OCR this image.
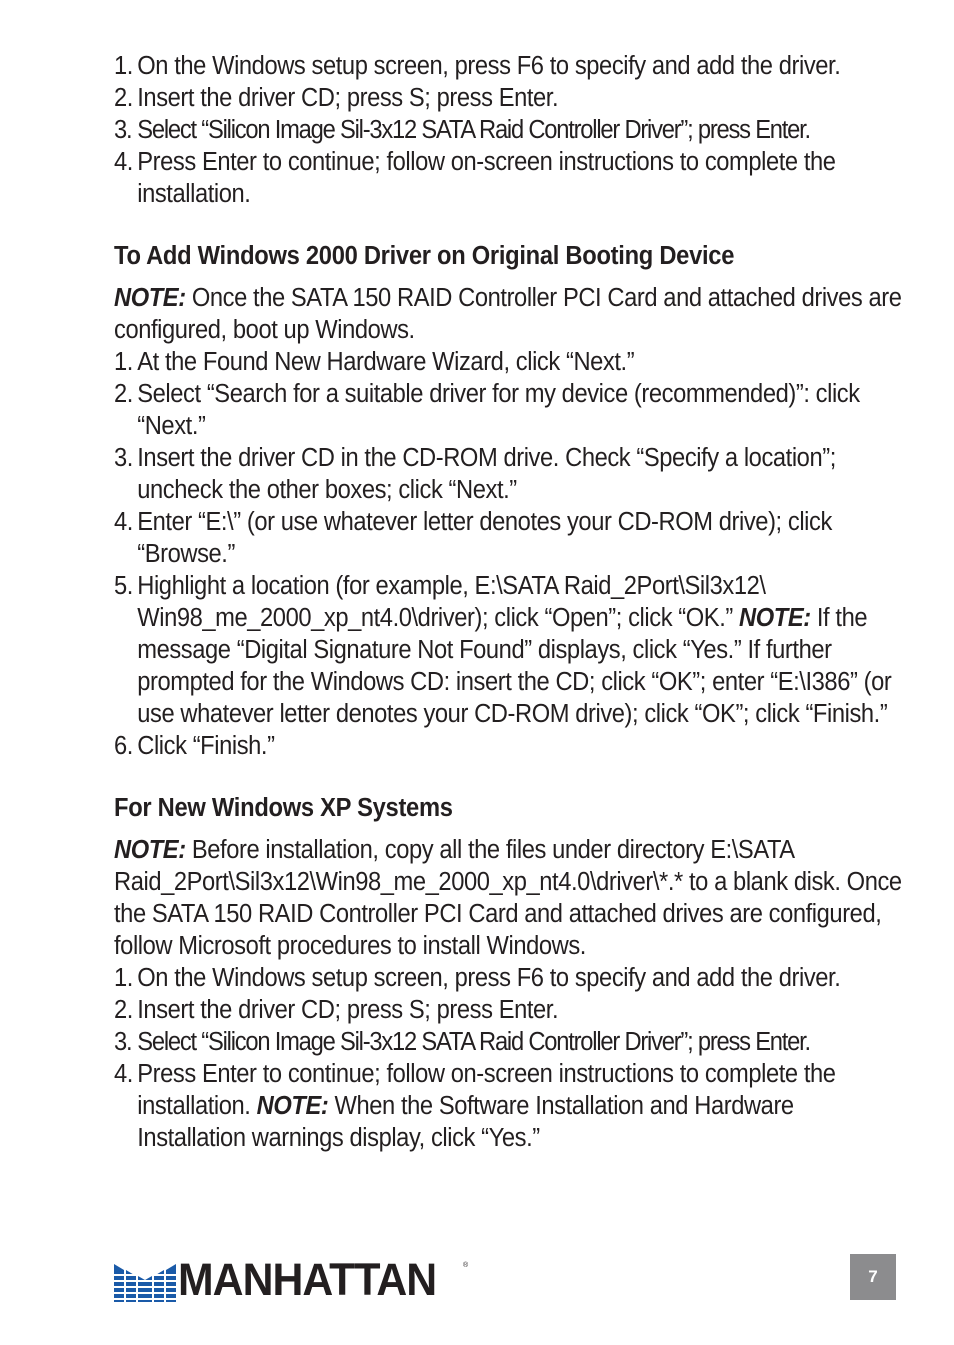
1. On the Windows setup screen, press F6 to specify and add the driver.
2. Insert the driver CD; press S; press Enter.
3. Select “Silicon Image Sil-3x12 SATA Raid Controller Driver”; press Enter.
4. Press Enter to continue; follow on-screen instructions to complete the installation.
To Add Windows 2000 Driver on Original Booting Device

NOTE: Once the SATA 150 RAID Controller PCI Card and attached drives are configured, boot up Windows.

1. At the Found New Hardware Wizard, click “Next.”
2. Select “Search for a suitable driver for my device (recommended)”: click “Next.”
3. Insert the driver CD in the CD-ROM drive. Check “Specify a location”; uncheck the other boxes; click “Next.”
4. Enter “E:\” (or use whatever letter denotes your CD-ROM drive); click “Browse.”
5. Highlight a location (for example, E:\SATA Raid_2Port\Sil3x12\ Win98_me_2000_xp_nt4.0\driver); click “Open”; click “OK.” NOTE: If the message “Digital Signature Not Found” displays, click “Yes.” If further prompted for the Windows CD: insert the CD; click “OK”; enter “E:\I386” (or use whatever letter denotes your CD-ROM drive); click “OK”; click “Finish.”
6. Click “Finish.”
For New Windows XP Systems

NOTE: Before installation, copy all the files under directory E:\SATA Raid_2Port\Sil3x12\Win98_me_2000_xp_nt4.0\driver\*.* to a blank disk. Once the SATA 150 RAID Controller PCI Card and attached drives are configured, follow Microsoft procedures to install Windows.

1. On the Windows setup screen, press F6 to specify and add the driver.
2. Insert the driver CD; press S; press Enter.
3. Select “Silicon Image Sil-3x12 SATA Raid Controller Driver”; press Enter.
4. Press Enter to continue; follow on-screen instructions to complete the installation. NOTE: When the Software Installation and Hardware Installation warnings display, click “Yes.”
MANHATTAN	®
7
